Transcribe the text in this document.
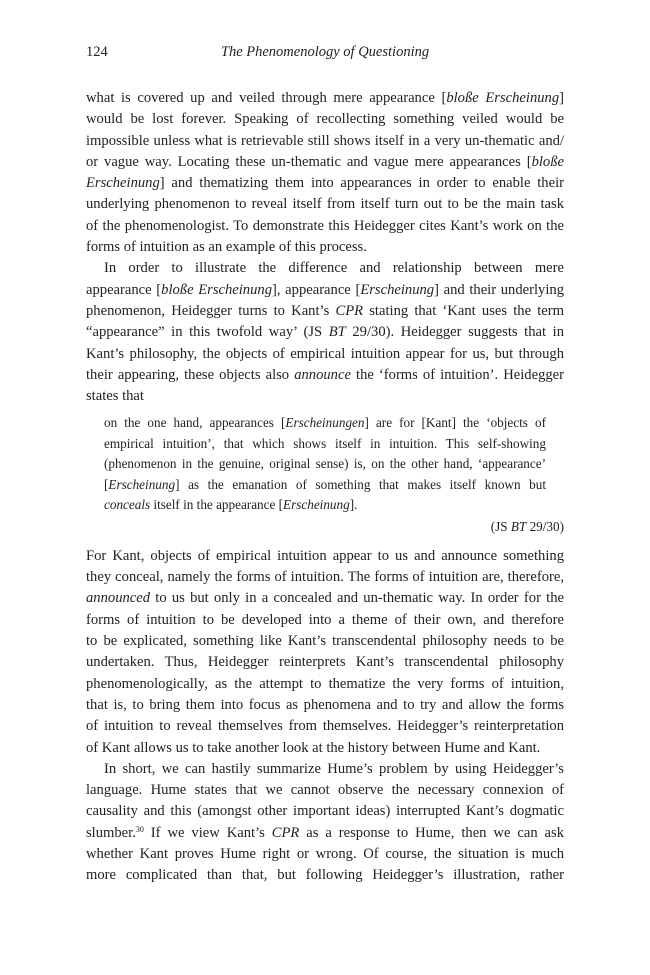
124	The Phenomenology of Questioning
what is covered up and veiled through mere appearance [bloße Erscheinung]
would be lost forever. Speaking of recollecting something veiled would be
impossible unless what is retrievable still shows itself in a very un-thematic and/
or vague way. Locating these un-thematic and vague mere appearances [bloße
Erscheinung] and thematizing them into appearances in order to enable their
underlying phenomenon to reveal itself from itself turn out to be the main task
of the phenomenologist. To demonstrate this Heidegger cites Kant’s work on the
forms of intuition as an example of this process.
In order to illustrate the difference and relationship between mere
appearance [bloße Erscheinung], appearance [Erscheinung] and their underlying
phenomenon, Heidegger turns to Kant’s CPR stating that ‘Kant uses the term
“appearance” in this twofold way’ (JS BT 29/30). Heidegger suggests that in
Kant’s philosophy, the objects of empirical intuition appear for us, but through
their appearing, these objects also announce the ‘forms of intuition’. Heidegger
states that
on the one hand, appearances [Erscheinungen] are for [Kant] the ‘objects of
empirical intuition’, that which shows itself in intuition. This self-showing
(phenomenon in the genuine, original sense) is, on the other hand, ‘appearance’
[Erscheinung] as the emanation of something that makes itself known but
conceals itself in the appearance [Erscheinung].
(JS BT 29/30)
For Kant, objects of empirical intuition appear to us and announce something
they conceal, namely the forms of intuition. The forms of intuition are, therefore,
announced to us but only in a concealed and un-thematic way. In order for the
forms of intuition to be developed into a theme of their own, and therefore
to be explicated, something like Kant’s transcendental philosophy needs to be
undertaken. Thus, Heidegger reinterprets Kant’s transcendental philosophy
phenomenologically, as the attempt to thematize the very forms of intuition,
that is, to bring them into focus as phenomena and to try and allow the forms
of intuition to reveal themselves from themselves. Heidegger’s reinterpretation
of Kant allows us to take another look at the history between Hume and Kant.
In short, we can hastily summarize Hume’s problem by using Heidegger’s
language. Hume states that we cannot observe the necessary connexion of
causality and this (amongst other important ideas) interrupted Kant’s dogmatic
slumber.$^{30}$ If we view Kant’s CPR as a response to Hume, then we can ask
whether Kant proves Hume right or wrong. Of course, the situation is much
more complicated than that, but following Heidegger’s illustration, rather
